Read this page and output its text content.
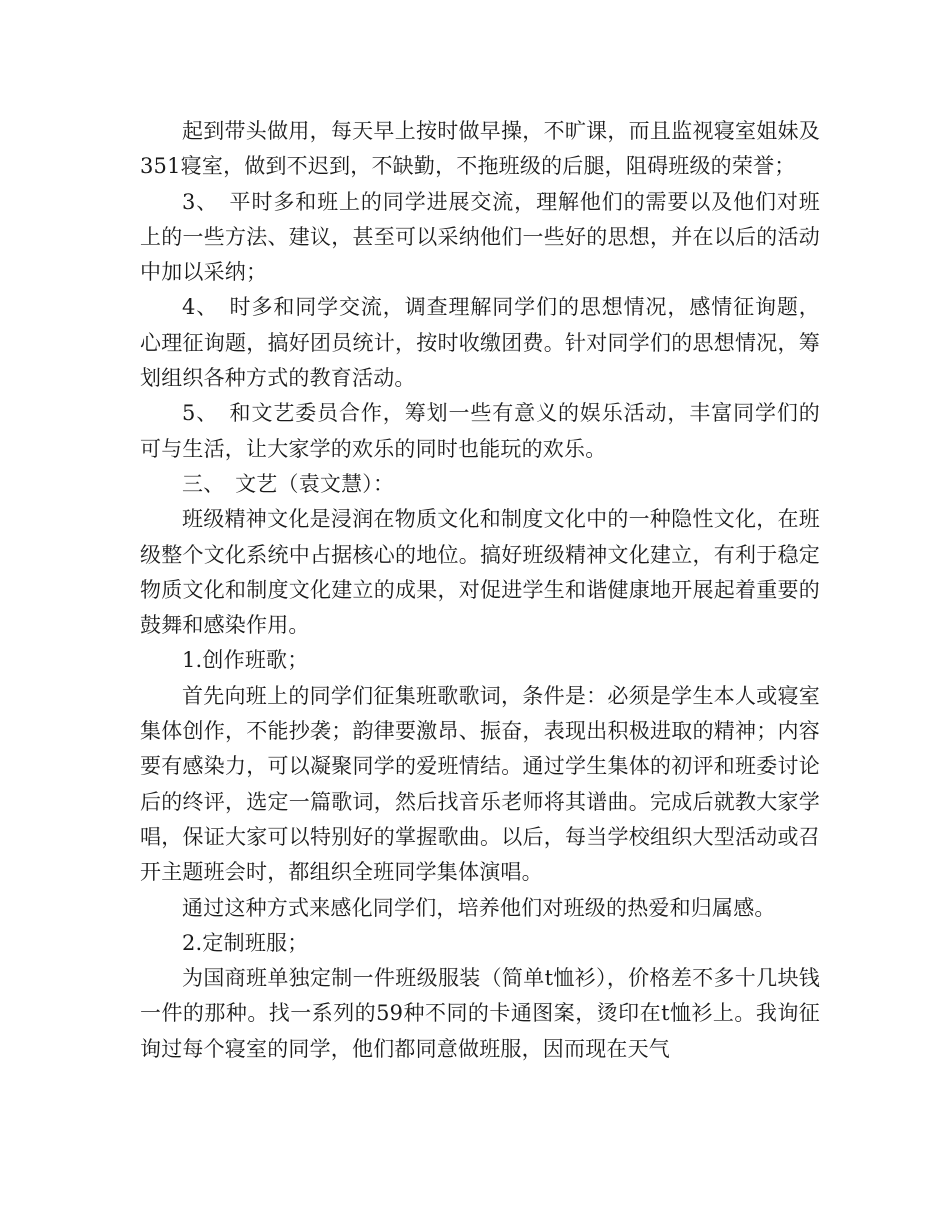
起到带头做用，每天早上按时做早操，不旷课，而且监视寝室姐妹及351寝室，做到不迟到，不缺勤，不拖班级的后腿，阻碍班级的荣誉；

3、　平时多和班上的同学进展交流，理解他们的需要以及他们对班上的一些方法、建议，甚至可以采纳他们一些好的思想，并在以后的活动中加以采纳；

4、　时多和同学交流，调查理解同学们的思想情况，感情征询题，心理征询题，搞好团员统计，按时收缴团费。针对同学们的思想情况，筹划组织各种方式的教育活动。

5、　和文艺委员合作，筹划一些有意义的娱乐活动，丰富同学们的可与生活，让大家学的欢乐的同时也能玩的欢乐。

三、　文艺（袁文慧）：

班级精神文化是浸润在物质文化和制度文化中的一种隐性文化，在班级整个文化系统中占据核心的地位。搞好班级精神文化建立，有利于稳定物质文化和制度文化建立的成果，对促进学生和谐健康地开展起着重要的鼓舞和感染作用。

1.创作班歌；

首先向班上的同学们征集班歌歌词，条件是：必须是学生本人或寝室集体创作，不能抄袭；韵律要激昂、振奋，表现出积极进取的精神；内容要有感染力，可以凝聚同学的爱班情结。通过学生集体的初评和班委讨论后的终评，选定一篇歌词，然后找音乐老师将其谱曲。完成后就教大家学唱，保证大家可以特别好的掌握歌曲。以后，每当学校组织大型活动或召开主题班会时，都组织全班同学集体演唱。

通过这种方式来感化同学们，培养他们对班级的热爱和归属感。

2.定制班服；

为国商班单独定制一件班级服装（简单t恤衫），价格差不多十几块钱一件的那种。找一系列的59种不同的卡通图案，烫印在t恤衫上。我询征询过每个寝室的同学，他们都同意做班服，因而现在天气
